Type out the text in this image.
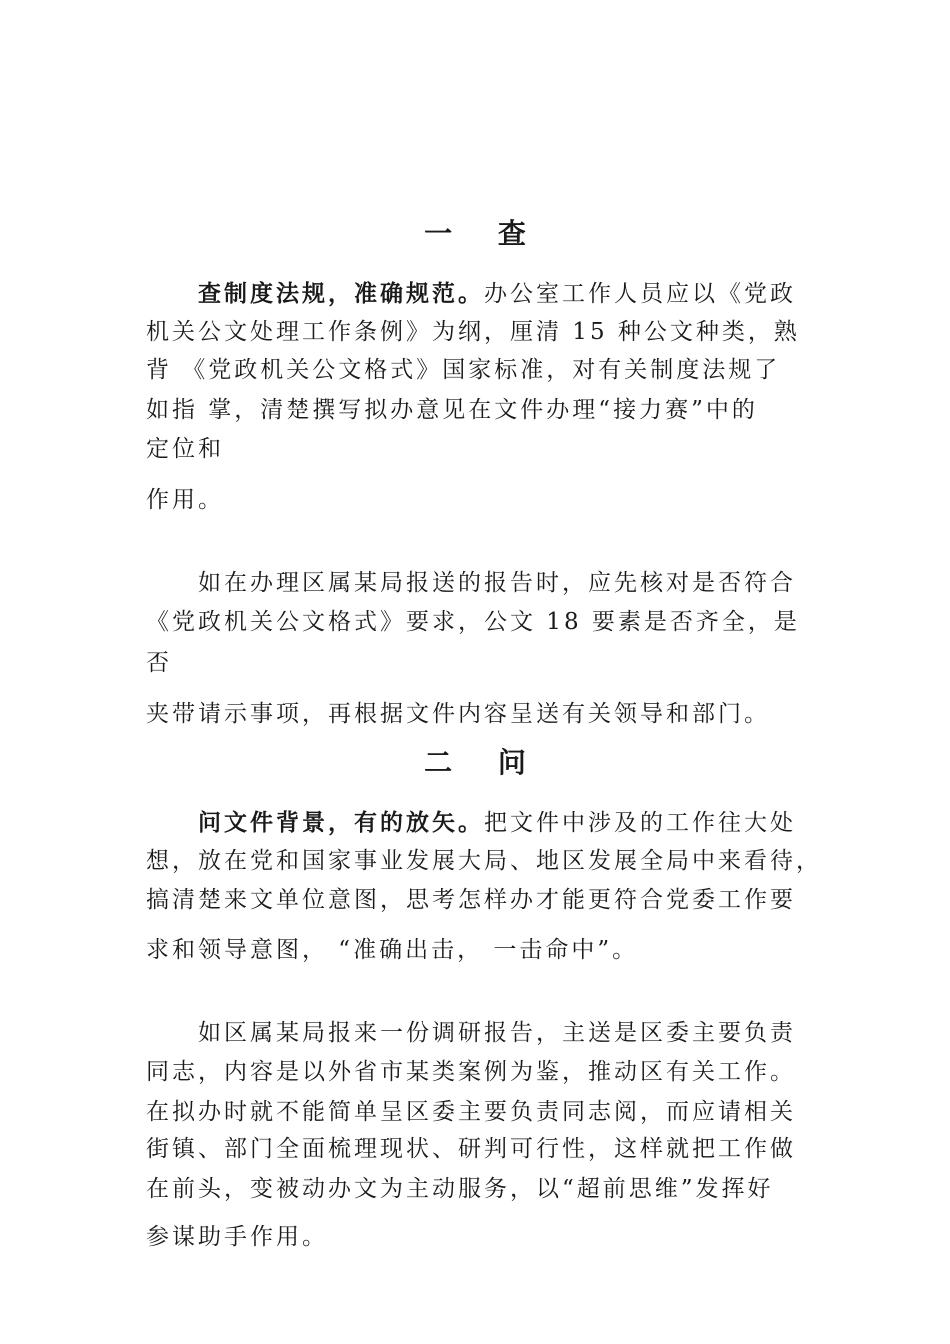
一 查
查制度法规，准确规范。办公室工作人员应以《党政
机关公文处理工作条例》为纲，厘清 15 种公文种类，熟
背 《党政机关公文格式》国家标准，对有关制度法规了
如指 掌，清楚撰写拟办意见在文件办理“接力赛”中的
定位和
作用。
如在办理区属某局报送的报告时，应先核对是否符合
《党政机关公文格式》要求，公文 18 要素是否齐全，是
否
夹带请示事项，再根据文件内容呈送有关领导和部门。
二 问
问文件背景，有的放矢。把文件中涉及的工作往大处
想，放在党和国家事业发展大局、地区发展全局中来看待，
搞清楚来文单位意图，思考怎样办才能更符合党委工作要
求和领导意图， “准确出击， 一击命中”。
如区属某局报来一份调研报告，主送是区委主要负责
同志，内容是以外省市某类案例为鉴，推动区有关工作。
在拟办时就不能简单呈区委主要负责同志阅，而应请相关
街镇、部门全面梳理现状、研判可行性，这样就把工作做
在前头，变被动办文为主动服务，以“超前思维”发挥好
参谋助手作用。
